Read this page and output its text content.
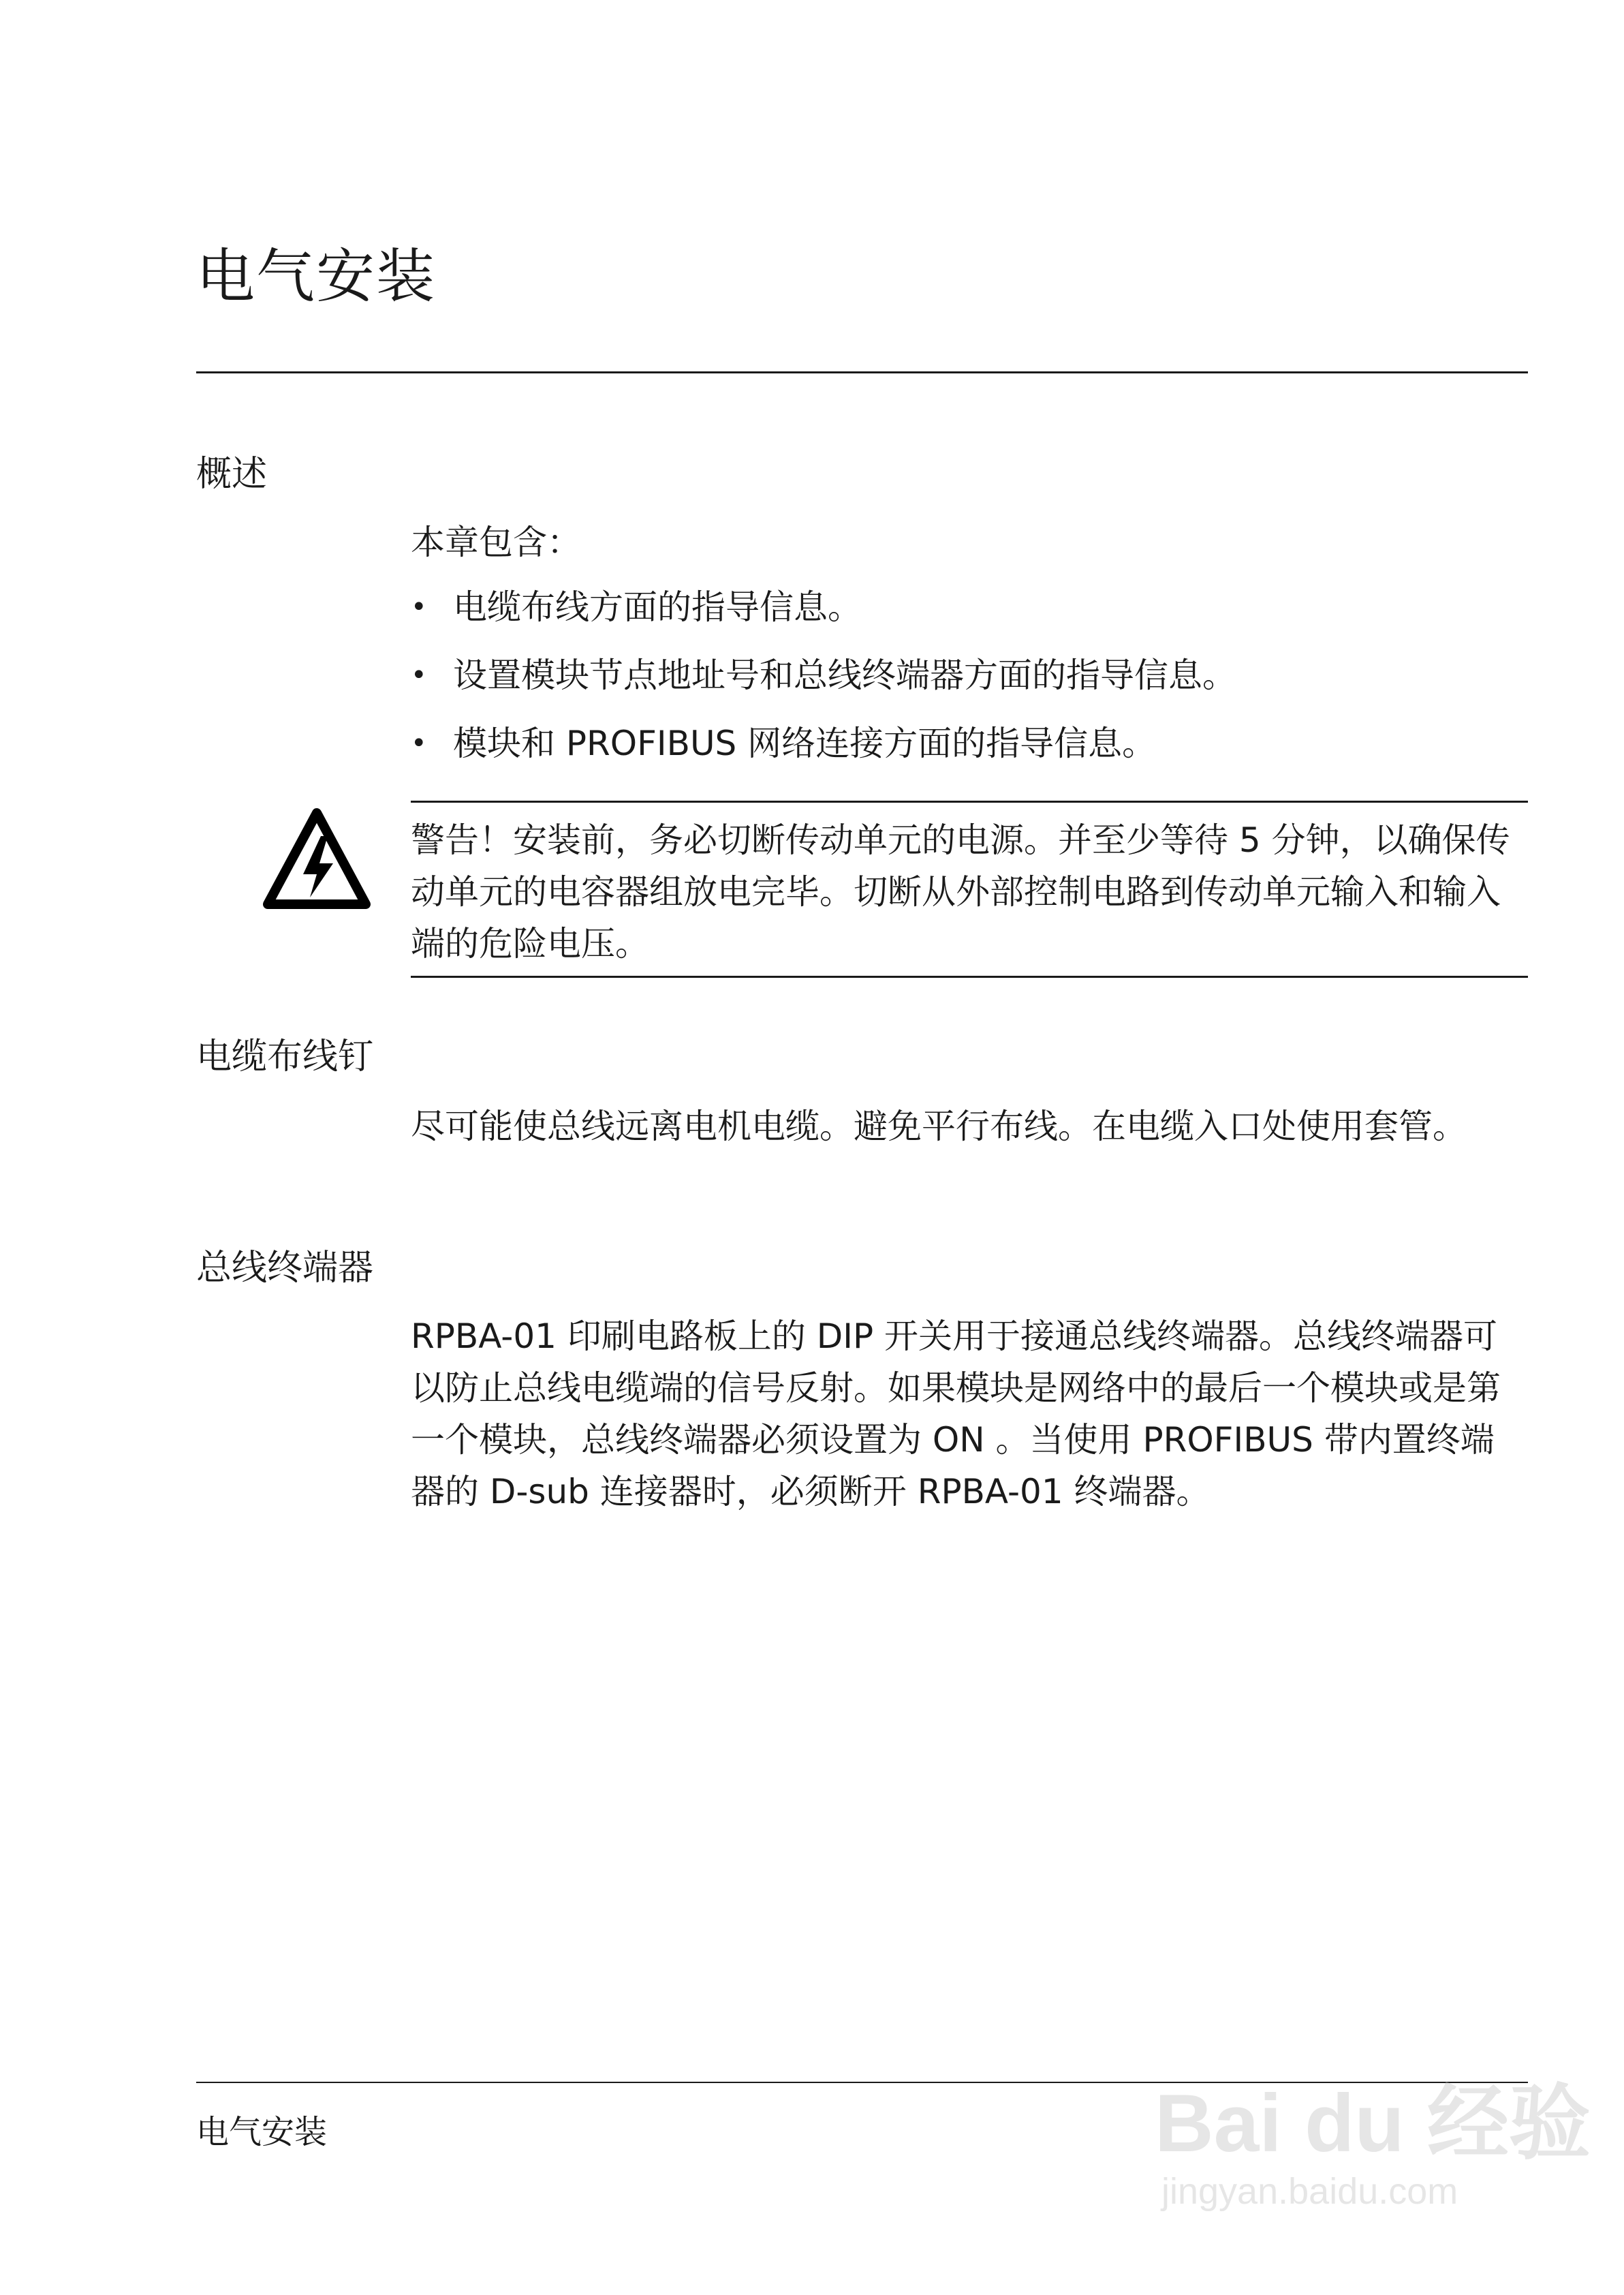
电气安装
概述
本章包含：
• 电缆布线方面的指导信息。
• 设置模块节点地址号和总线终端器方面的指导信息。
• 模块和 PROFIBUS 网络连接方面的指导信息。
警告！安装前，务必切断传动单元的电源。并至少等待 5 分钟，以确保传动单元的电容器组放电完毕。切断从外部控制电路到传动单元输入和输入端的危险电压。
电缆布线钉
尽可能使总线远离电机电缆。避免平行布线。在电缆入口处使用套管。
总线终端器
RPBA-01 印刷电路板上的 DIP 开关用于接通总线终端器。总线终端器可以防止总线电缆端的信号反射。如果模块是网络中的最后一个模块或是第一个模块，总线终端器必须设置为 ON 。当使用 PROFIBUS 带内置终端器的 D-sub 连接器时，必须断开 RPBA-01 终端器。
电气安装	Bai du 经验
jingyan.baidu.com
